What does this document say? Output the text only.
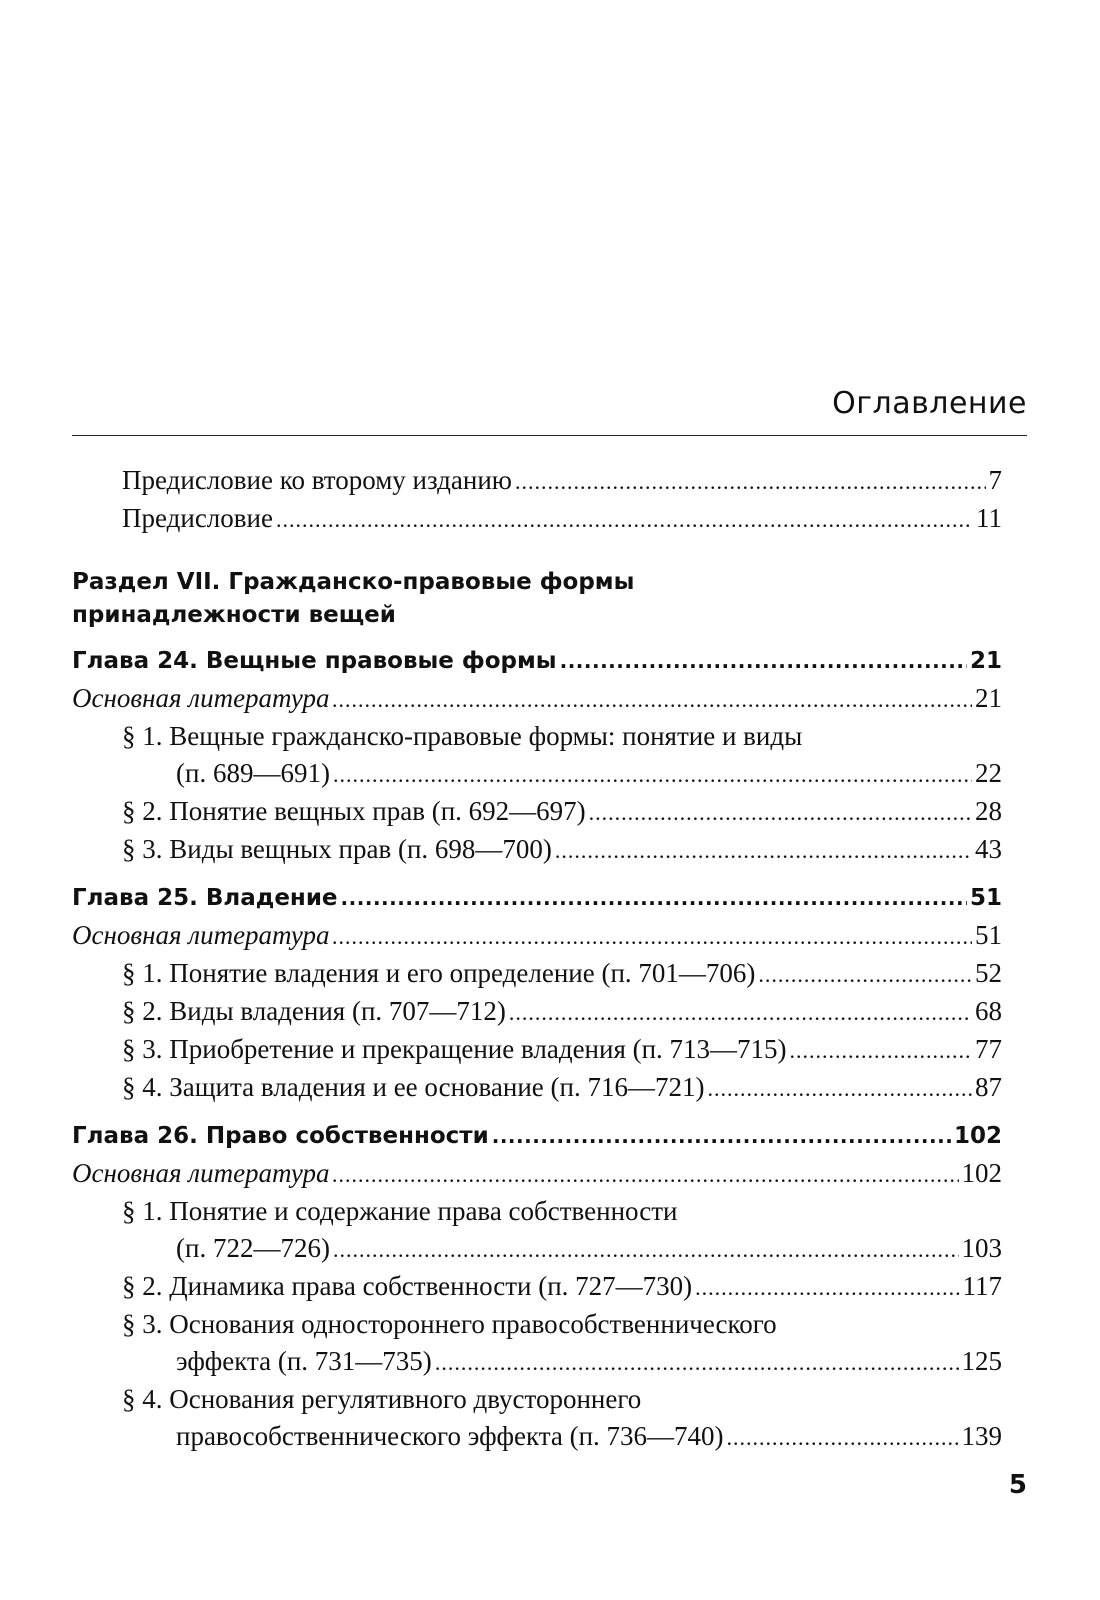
Оглавление
Предисловие ко второму изданию .....	7
Предисловие .....	11
Раздел VII. Гражданско-правовые формы
принадлежности вещей
Глава 24. Вещные правовые формы .....	21
Основная литература .....	21
§ 1. Вещные гражданско-правовые формы: понятие и виды
(п. 689—691) .....	22
§ 2. Понятие вещных прав (п. 692—697) .....	28
§ 3. Виды вещных прав (п. 698—700) .....	43
Глава 25. Владение .....	51
Основная литература .....	51
§ 1. Понятие владения и его определение (п. 701—706) .....	52
§ 2. Виды владения (п. 707—712) .....	68
§ 3. Приобретение и прекращение владения (п. 713—715) .....	77
§ 4. Защита владения и ее основание (п. 716—721) .....	87
Глава 26. Право собственности .....	102
Основная литература .....	102
§ 1. Понятие и содержание права собственности
(п. 722—726) .....	103
§ 2. Динамика права собственности (п. 727—730) .....	117
§ 3. Основания одностороннего правособственнического
эффекта (п. 731—735) .....	125
§ 4. Основания регулятивного двустороннего
правособственнического эффекта (п. 736—740) .....	139
5
